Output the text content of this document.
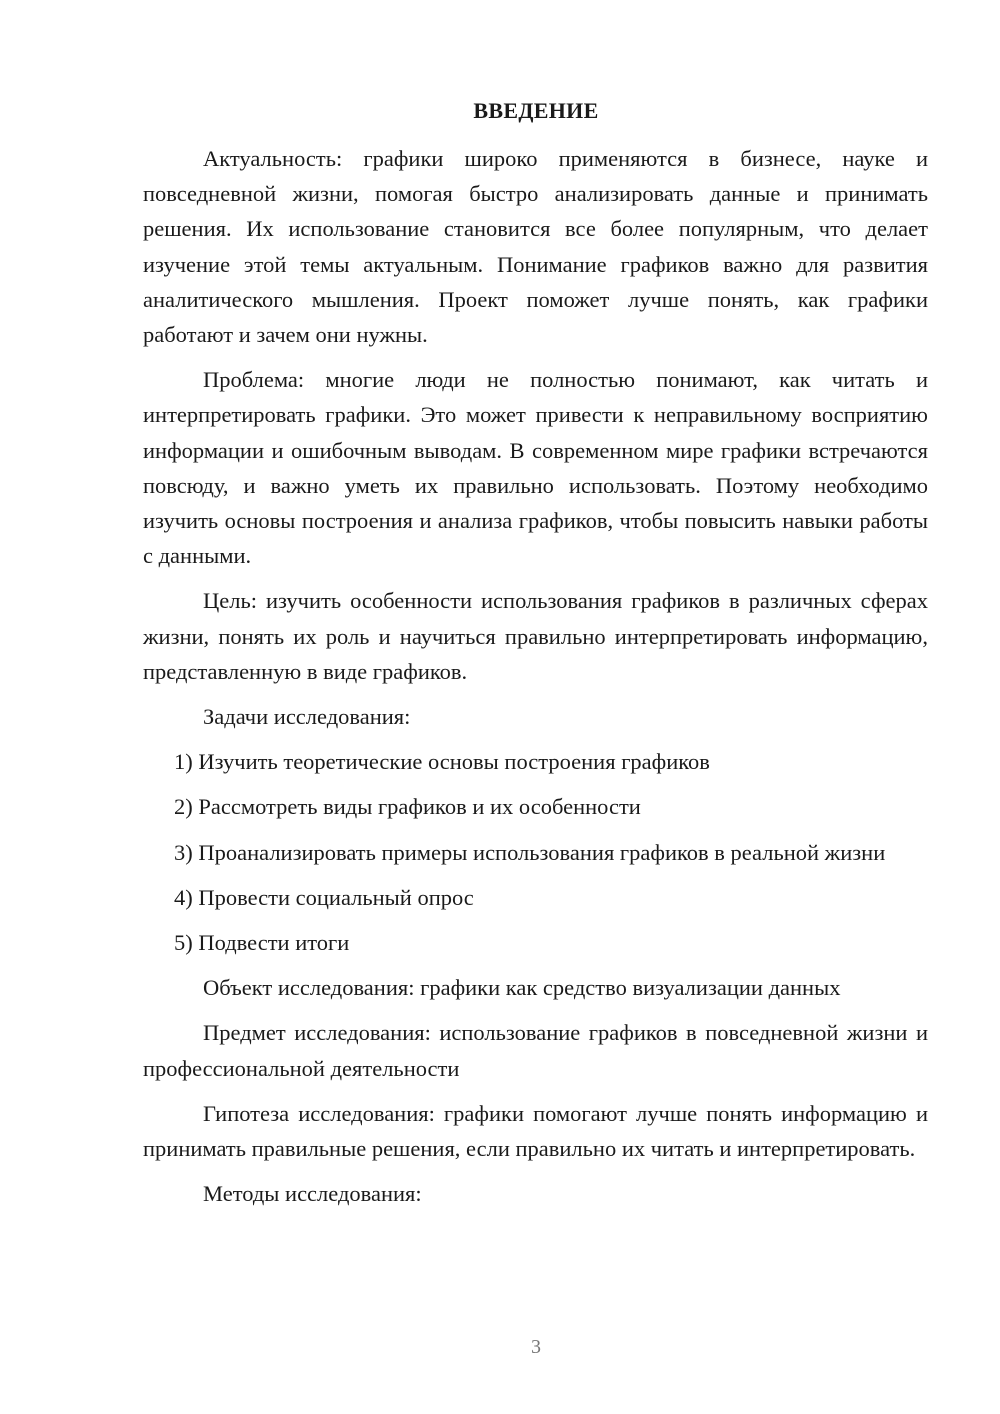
ВВЕДЕНИЕ

Актуальность: графики широко применяются в бизнесе, науке и повседневной жизни, помогая быстро анализировать данные и принимать решения. Их использование становится все более популярным, что делает изучение этой темы актуальным. Понимание графиков важно для развития аналитического мышления. Проект поможет лучше понять, как графики работают и зачем они нужны.

Проблема: многие люди не полностью понимают, как читать и интерпретировать графики. Это может привести к неправильному восприятию информации и ошибочным выводам. В современном мире графики встречаются повсюду, и важно уметь их правильно использовать. Поэтому необходимо изучить основы построения и анализа графиков, чтобы повысить навыки работы с данными.

Цель: изучить особенности использования графиков в различных сферах жизни, понять их роль и научиться правильно интерпретировать информацию, представленную в виде графиков.

Задачи исследования:

1) Изучить теоретические основы построения графиков

2) Рассмотреть виды графиков и их особенности

3) Проанализировать примеры использования графиков в реальной жизни

4) Провести социальный опрос

5) Подвести итоги

Объект исследования: графики как средство визуализации данных

Предмет исследования: использование графиков в повседневной жизни и профессиональной деятельности

Гипотеза исследования: графики помогают лучше понять информацию и принимать правильные решения, если правильно их читать и интерпретировать.

Методы исследования:

3
